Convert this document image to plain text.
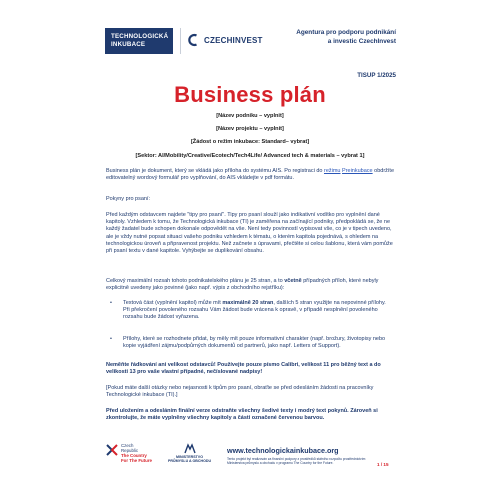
TECHNOLOGICKÁ
INKUBACE	CZECHINVEST
Agentura pro podporu podnikání
a investic CzechInvest
TISUP 1/2025
Business plán
[Název podniku – vyplnit]
[Název projektu – vyplnit]
[Žádost o režim inkubace: Standard– vybrat]
[Sektor: AI/Mobility/Creative/Ecotech/Tech4Life/ Advanced tech & materials – vybrat 1]

Business plán je dokument, který se vkládá jako příloha do systému AIS. Po registraci do režimu Preinkubace obdržíte editovatelný wordový formulář pro vyplňování, do AIS vkládejte v pdf formátu.

Pokyny pro psaní:
Před každým odstavcem najdete "tipy pro psaní". Tipy pro psaní slouží jako indikativní vodítko pro vyplnění dané kapitoly. Vzhledem k tomu, že Technologická inkubace (TI) je zaměřena na začínající podniky, předpokládá se, že ne každý žadatel bude schopen dokonale odpovědět na vše. Není tedy povinností vypisovat vše, co je v tipech uvedeno, ale je vždy nutné popsat situaci vašeho podniku vzhledem k tématu, o kterém kapitola pojednává, s ohledem na technologickou úroveň a připravenost projektu. Než začnete s úpravami, přečtěte si celou šablonu, která vám pomůže při psaní textu v dané kapitole. Vyhýbejte se duplikování obsahu.

Celkový maximální rozsah tohoto podnikatelského plánu je 25 stran, a to včetně případných příloh, které nebyly explicitně uvedeny jako povinné (jako např. výpis z obchodního rejstříku):

•	Textová část (vyplnění kapitol) může mít maximálně 20 stran, dalších 5 stran využijte na nepovinné přílohy. Při překročení povoleného rozsahu Vám žádost bude vrácena k opravě, v případě nesplnění povoleného rozsahu bude žádost vyřazena.
•	Přílohy, které se rozhodnete přidat, by měly mít pouze informativní charakter (např. brožury, životopisy nebo kopie vyjádření zájmu/podpůrných dokumentů od partnerů, jako např. Letters of Support).
Neměňte řádkování ani velikost odstavců! Používejte pouze písmo Calibri, velikost 11 pro běžný text a do velikosti 13 pro vaše vlastní případné, nečíslované nadpisy!
[Pokud máte další otázky nebo nejasnosti k tipům pro psaní, obraťte se před odesláním žádosti na pracovníky Technologické inkubace (TI).]
Před uložením a odesláním finální verze odstraňte všechny šedivé texty i modrý text pokynů. Zároveň si zkontrolujte, že máte vyplněny všechny kapitoly a části označené červenou barvou.
Czech
Republic
The Country
For The Future
MINISTERSTVO
PRŮMYSLU A OBCHODU
www.technologickainkubace.org
Tento projekt byl realizován za finanční podpory z prostředků státního rozpočtu prostřednictvím Ministerstva průmyslu a obchodu v programu The Country for the Future.	1 / 15
